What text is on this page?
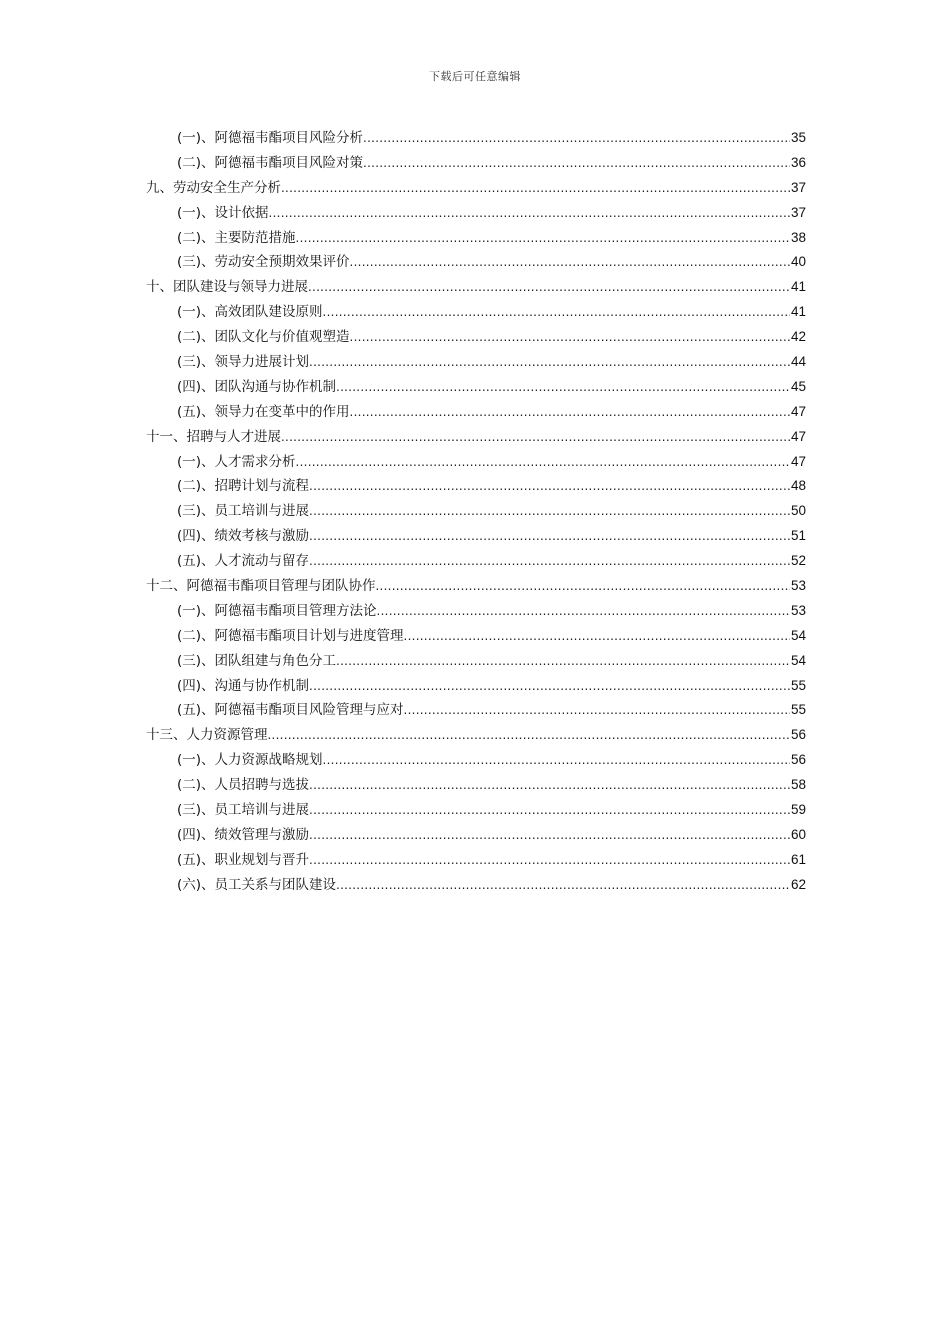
下载后可任意编辑
(一)、阿德福韦酯项目风险分析 .....	35
(二)、阿德福韦酯项目风险对策 .....	36
九、劳动安全生产分析 .....	37
(一)、设计依据 .....	37
(二)、主要防范措施 .....	38
(三)、劳动安全预期效果评价 .....	40
十、团队建设与领导力进展 .....	41
(一)、高效团队建设原则 .....	41
(二)、团队文化与价值观塑造 .....	42
(三)、领导力进展计划 .....	44
(四)、团队沟通与协作机制 .....	45
(五)、领导力在变革中的作用 .....	47
十一、招聘与人才进展 .....	47
(一)、人才需求分析 .....	47
(二)、招聘计划与流程 .....	48
(三)、员工培训与进展 .....	50
(四)、绩效考核与激励 .....	51
(五)、人才流动与留存 .....	52
十二、阿德福韦酯项目管理与团队协作 .....	53
(一)、阿德福韦酯项目管理方法论 .....	53
(二)、阿德福韦酯项目计划与进度管理 .....	54
(三)、团队组建与角色分工 .....	54
(四)、沟通与协作机制 .....	55
(五)、阿德福韦酯项目风险管理与应对 .....	55
十三、人力资源管理 .....	56
(一)、人力资源战略规划 .....	56
(二)、人员招聘与选拔 .....	58
(三)、员工培训与进展 .....	59
(四)、绩效管理与激励 .....	60
(五)、职业规划与晋升 .....	61
(六)、员工关系与团队建设 .....	62
